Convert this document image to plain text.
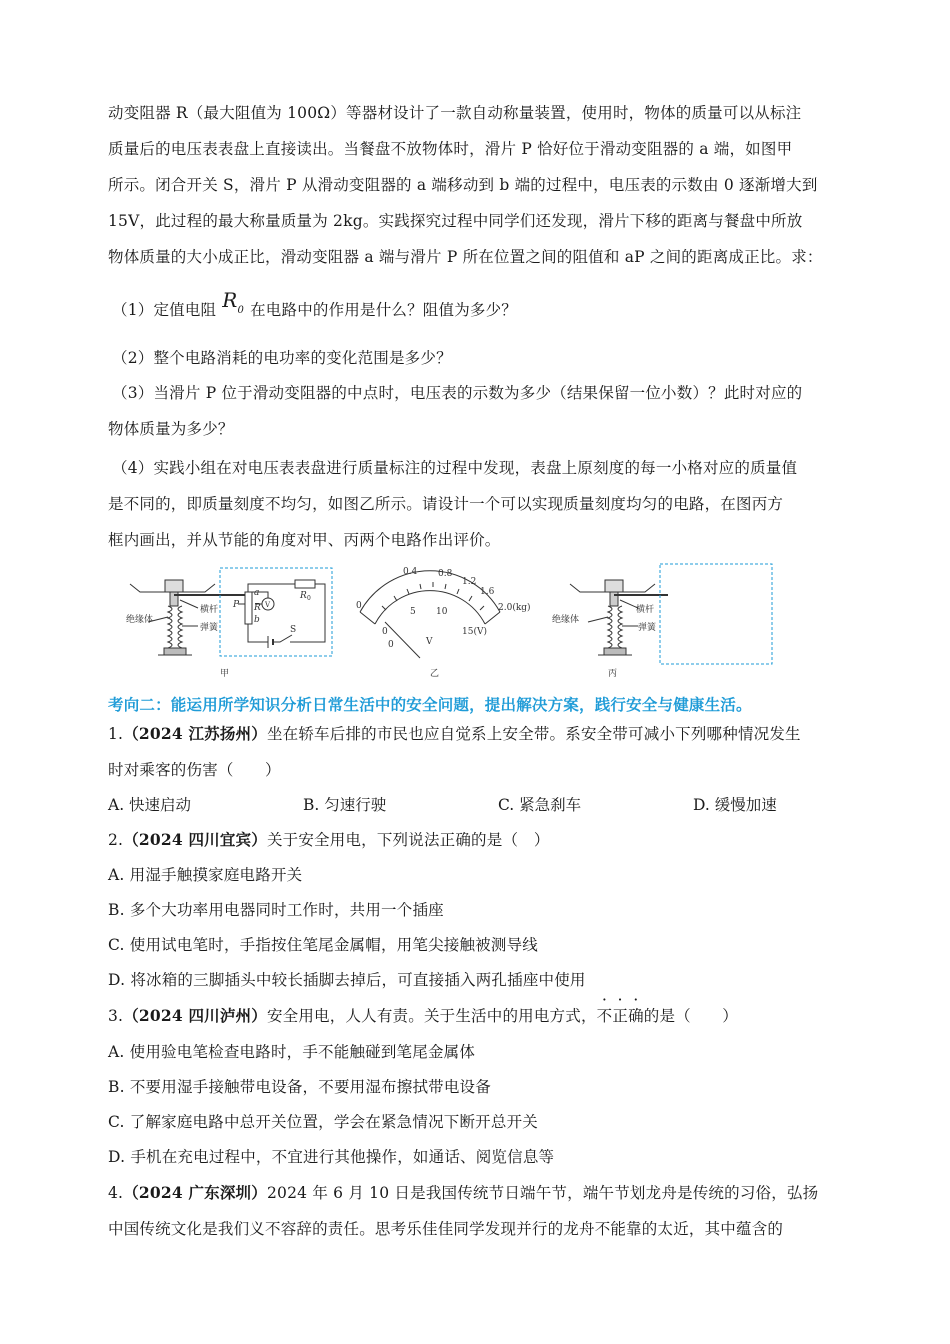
动变阻器 R（最大阻值为 100Ω）等器材设计了一款自动称量装置，使用时，物体的质量可以从标注
质量后的电压表表盘上直接读出。当餐盘不放物体时，滑片 P 恰好位于滑动变阻器的 a 端，如图甲
所示。闭合开关 S，滑片 P 从滑动变阻器的 a 端移动到 b 端的过程中，电压表的示数由 0 逐渐增大到
15V，此过程的最大称量质量为 2kg。实践探究过程中同学们还发现，滑片下移的距离与餐盘中所放
物体质量的大小成正比，滑动变阻器 a 端与滑片 P 所在位置之间的阻值和 aP 之间的距离成正比。求：
（1）定值电阻 R0 在电路中的作用是什么？阻值为多少？
（2）整个电路消耗的电功率的变化范围是多少？
（3）当滑片 P 位于滑动变阻器的中点时，电压表的示数为多少（结果保留一位小数）？此时对应的
物体质量为多少？
（4）实践小组在对电压表表盘进行质量标注的过程中发现，表盘上原刻度的每一小格对应的质量值
是不同的，即质量刻度不均匀，如图乙所示。请设计一个可以实现质量刻度均匀的电路，在图丙方
框内画出，并从节能的角度对甲、丙两个电路作出评价。
绝缘体
横杆
弹簧
P
a
R
b
R 0
V
S
甲
0.4 0.8
1.2
1.6
2.0(kg)
0
0
5 10
15(V)
0	V
乙
绝缘体
横杆
弹簧
丙
考向二：能运用所学知识分析日常生活中的安全问题，提出解决方案，践行安全与健康生活。
1.（2024 江苏扬州）坐在轿车后排的市民也应自觉系上安全带。系安全带可减小下列哪种情况发生
时对乘客的伤害（　　）
A. 快速启动	B. 匀速行驶	C. 紧急刹车	D. 缓慢加速
2.（2024 四川宜宾）关于安全用电，下列说法正确的是（　）
A. 用湿手触摸家庭电路开关
B. 多个大功率用电器同时工作时，共用一个插座
C. 使用试电笔时，手指按住笔尾金属帽，用笔尖接触被测导线
D. 将冰箱的三脚插头中较长插脚去掉后，可直接插入两孔插座中使用
3.（2024 四川泸州）安全用电，人人有责。关于生活中的用电方式，不正确的是（　　）
A. 使用验电笔检查电路时，手不能触碰到笔尾金属体
B. 不要用湿手接触带电设备，不要用湿布擦拭带电设备
C. 了解家庭电路中总开关位置，学会在紧急情况下断开总开关
D. 手机在充电过程中，不宜进行其他操作，如通话、阅览信息等
4.（2024 广东深圳）2024 年 6 月 10 日是我国传统节日端午节，端午节划龙舟是传统的习俗，弘扬
中国传统文化是我们义不容辞的责任。思考乐佳佳同学发现并行的龙舟不能靠的太近，其中蕴含的
